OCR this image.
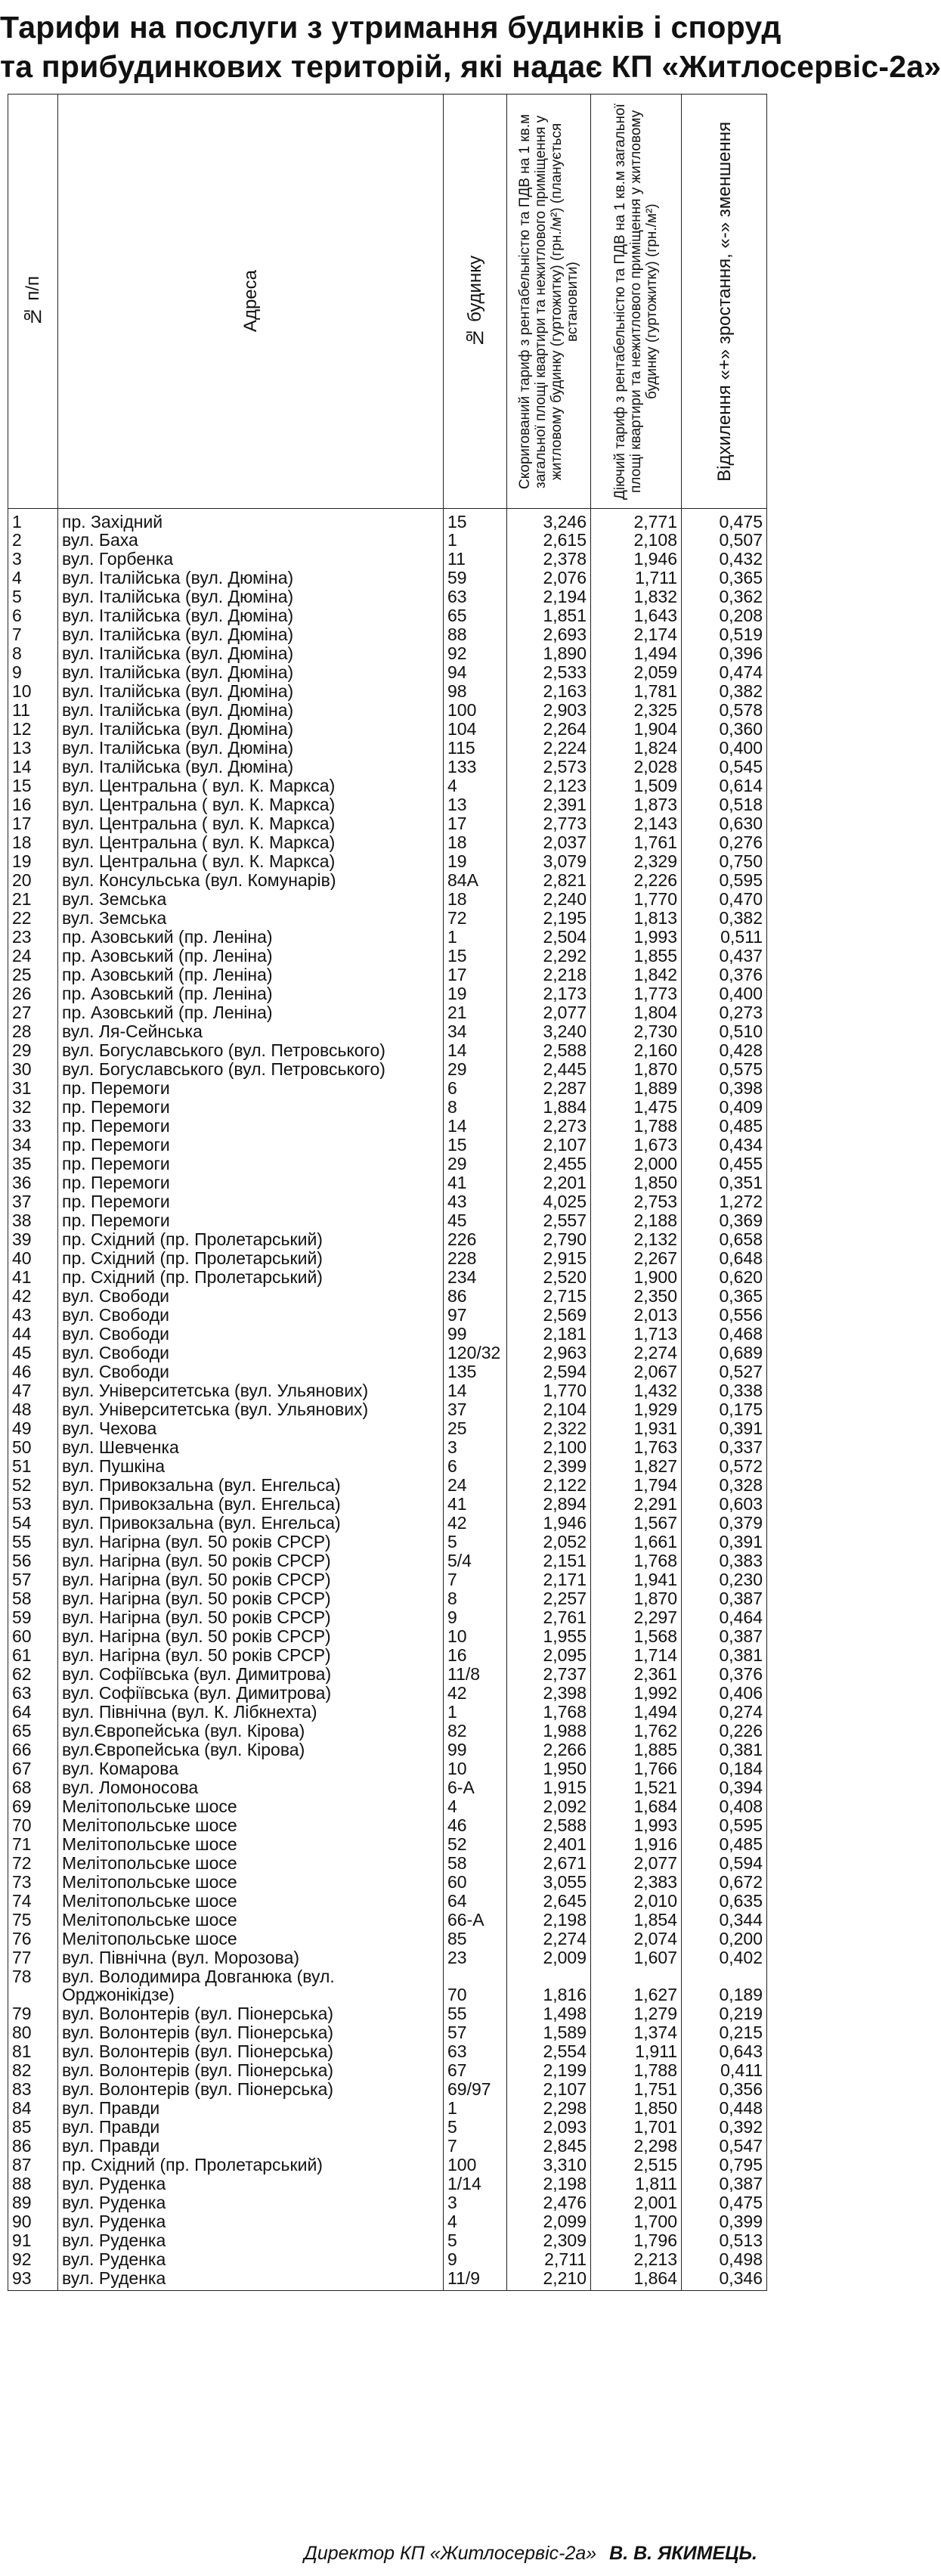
Тарифи на послуги з утримання будинків і споруд
та прибудинкових територій, які надає КП «Житлосервіс-2а»
№ п/п	Адреса	№ будинку	Скоригований тариф з рентабельністю та ПДВ на 1 кв.м загальної площі квартири та нежитлового приміщення у житловому будинку (гуртожитку) (грн./м²) (планується встановити)	Діючий тариф з рентабельністю та ПДВ на 1 кв.м загальної площі квартири та нежитлового приміщення у житловому будинку (гуртожитку) (грн./м²)	Відхилення «+» зростання, «-» зменшення

1	пр. Західний	15	3,246	2,771	0,475
2	вул. Баха	1	2,615	2,108	0,507
3	вул. Горбенка	11	2,378	1,946	0,432
4	вул. Італійська (вул. Дюміна)	59	2,076	1,711	0,365
5	вул. Італійська (вул. Дюміна)	63	2,194	1,832	0,362
6	вул. Італійська (вул. Дюміна)	65	1,851	1,643	0,208
7	вул. Італійська (вул. Дюміна)	88	2,693	2,174	0,519
8	вул. Італійська (вул. Дюміна)	92	1,890	1,494	0,396
9	вул. Італійська (вул. Дюміна)	94	2,533	2,059	0,474
10	вул. Італійська (вул. Дюміна)	98	2,163	1,781	0,382
11	вул. Італійська (вул. Дюміна)	100	2,903	2,325	0,578
12	вул. Італійська (вул. Дюміна)	104	2,264	1,904	0,360
13	вул. Італійська (вул. Дюміна)	115	2,224	1,824	0,400
14	вул. Італійська (вул. Дюміна)	133	2,573	2,028	0,545
15	вул. Центральна ( вул. К. Маркса)	4	2,123	1,509	0,614
16	вул. Центральна ( вул. К. Маркса)	13	2,391	1,873	0,518
17	вул. Центральна ( вул. К. Маркса)	17	2,773	2,143	0,630
18	вул. Центральна ( вул. К. Маркса)	18	2,037	1,761	0,276
19	вул. Центральна ( вул. К. Маркса)	19	3,079	2,329	0,750
20	вул. Консульська (вул. Комунарів)	84А	2,821	2,226	0,595
21	вул. Земська	18	2,240	1,770	0,470
22	вул. Земська	72	2,195	1,813	0,382
23	пр. Азовський (пр. Леніна)	1	2,504	1,993	0,511
24	пр. Азовський (пр. Леніна)	15	2,292	1,855	0,437
25	пр. Азовський (пр. Леніна)	17	2,218	1,842	0,376
26	пр. Азовський (пр. Леніна)	19	2,173	1,773	0,400
27	пр. Азовський (пр. Леніна)	21	2,077	1,804	0,273
28	вул. Ля-Сейнська	34	3,240	2,730	0,510
29	вул. Богуславського (вул. Петровського)	14	2,588	2,160	0,428
30	вул. Богуславського (вул. Петровського)	29	2,445	1,870	0,575
31	пр. Перемоги	6	2,287	1,889	0,398
32	пр. Перемоги	8	1,884	1,475	0,409
33	пр. Перемоги	14	2,273	1,788	0,485
34	пр. Перемоги	15	2,107	1,673	0,434
35	пр. Перемоги	29	2,455	2,000	0,455
36	пр. Перемоги	41	2,201	1,850	0,351
37	пр. Перемоги	43	4,025	2,753	1,272
38	пр. Перемоги	45	2,557	2,188	0,369
39	пр. Східний (пр. Пролетарський)	226	2,790	2,132	0,658
40	пр. Східний (пр. Пролетарський)	228	2,915	2,267	0,648
41	пр. Східний (пр. Пролетарський)	234	2,520	1,900	0,620
42	вул. Свободи	86	2,715	2,350	0,365
43	вул. Свободи	97	2,569	2,013	0,556
44	вул. Свободи	99	2,181	1,713	0,468
45	вул. Свободи	120/32	2,963	2,274	0,689
46	вул. Свободи	135	2,594	2,067	0,527
47	вул. Університетська (вул. Ульянових)	14	1,770	1,432	0,338
48	вул. Університетська (вул. Ульянових)	37	2,104	1,929	0,175
49	вул. Чехова	25	2,322	1,931	0,391
50	вул. Шевченка	3	2,100	1,763	0,337
51	вул. Пушкіна	6	2,399	1,827	0,572
52	вул. Привокзальна (вул. Енгельса)	24	2,122	1,794	0,328
53	вул. Привокзальна (вул. Енгельса)	41	2,894	2,291	0,603
54	вул. Привокзальна (вул. Енгельса)	42	1,946	1,567	0,379
55	вул. Нагірна (вул. 50 років СРСР)	5	2,052	1,661	0,391
56	вул. Нагірна (вул. 50 років СРСР)	5/4	2,151	1,768	0,383
57	вул. Нагірна (вул. 50 років СРСР)	7	2,171	1,941	0,230
58	вул. Нагірна (вул. 50 років СРСР)	8	2,257	1,870	0,387
59	вул. Нагірна (вул. 50 років СРСР)	9	2,761	2,297	0,464
60	вул. Нагірна (вул. 50 років СРСР)	10	1,955	1,568	0,387
61	вул. Нагірна (вул. 50 років СРСР)	16	2,095	1,714	0,381
62	вул. Софіївська (вул. Димитрова)	11/8	2,737	2,361	0,376
63	вул. Софіївська (вул. Димитрова)	42	2,398	1,992	0,406
64	вул. Північна (вул. К. Лібкнехта)	1	1,768	1,494	0,274
65	вул.Європейська (вул. Кірова)	82	1,988	1,762	0,226
66	вул.Європейська (вул. Кірова)	99	2,266	1,885	0,381
67	вул. Комарова	10	1,950	1,766	0,184
68	вул. Ломоносова	6-А	1,915	1,521	0,394
69	Мелітопольське шосе	4	2,092	1,684	0,408
70	Мелітопольське шосе	46	2,588	1,993	0,595
71	Мелітопольське шосе	52	2,401	1,916	0,485
72	Мелітопольське шосе	58	2,671	2,077	0,594
73	Мелітопольське шосе	60	3,055	2,383	0,672
74	Мелітопольське шосе	64	2,645	2,010	0,635
75	Мелітопольське шосе	66-А	2,198	1,854	0,344
76	Мелітопольське шосе	85	2,274	2,074	0,200
77	вул. Північна (вул. Морозова)	23	2,009	1,607	0,402
78	вул. Володимира Довганюка (вул. Орджонікідзе)	70	1,816	1,627	0,189
79	вул. Волонтерів (вул. Піонерська)	55	1,498	1,279	0,219
80	вул. Волонтерів (вул. Піонерська)	57	1,589	1,374	0,215
81	вул. Волонтерів (вул. Піонерська)	63	2,554	1,911	0,643
82	вул. Волонтерів (вул. Піонерська)	67	2,199	1,788	0,411
83	вул. Волонтерів (вул. Піонерська)	69/97	2,107	1,751	0,356
84	вул. Правди	1	2,298	1,850	0,448
85	вул. Правди	5	2,093	1,701	0,392
86	вул. Правди	7	2,845	2,298	0,547
87	пр. Східний (пр. Пролетарський)	100	3,310	2,515	0,795
88	вул. Руденка	1/14	2,198	1,811	0,387
89	вул. Руденка	3	2,476	2,001	0,475
90	вул. Руденка	4	2,099	1,700	0,399
91	вул. Руденка	5	2,309	1,796	0,513
92	вул. Руденка	9	2,711	2,213	0,498
93	вул. Руденка	11/9	2,210	1,864	0,346
Директор КП «Житлосервіс-2а» В. В. ЯКИМЕЦЬ.
